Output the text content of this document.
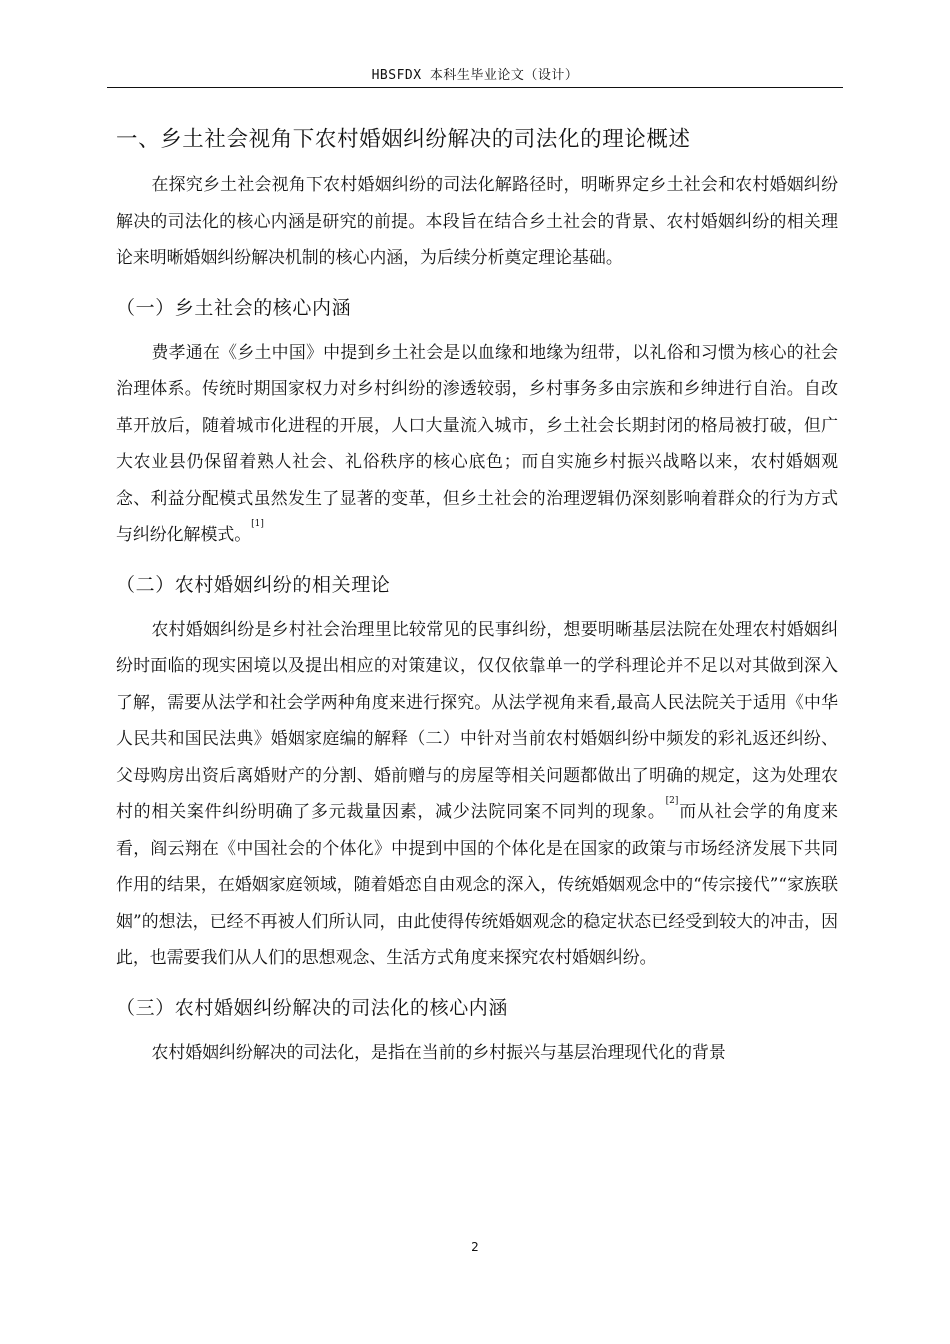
HBSFDX 本科生毕业论文（设计）
一、乡土社会视角下农村婚姻纠纷解决的司法化的理论概述

在探究乡土社会视角下农村婚姻纠纷的司法化解路径时，明晰界定乡土社会和农村婚姻纠纷解决的司法化的核心内涵是研究的前提。本段旨在结合乡土社会的背景、农村婚姻纠纷的相关理论来明晰婚姻纠纷解决机制的核心内涵，为后续分析奠定理论基础。

（一）乡土社会的核心内涵

费孝通在《乡土中国》中提到乡土社会是以血缘和地缘为纽带，以礼俗和习惯为核心的社会治理体系。传统时期国家权力对乡村纠纷的渗透较弱，乡村事务多由宗族和乡绅进行自治。自改革开放后，随着城市化进程的开展，人口大量流入城市，乡土社会长期封闭的格局被打破，但广大农业县仍保留着熟人社会、礼俗秩序的核心底色；而自实施乡村振兴战略以来，农村婚姻观念、利益分配模式虽然发生了显著的变革，但乡土社会的治理逻辑仍深刻影响着群众的行为方式与纠纷化解模式。[1]

（二）农村婚姻纠纷的相关理论

农村婚姻纠纷是乡村社会治理里比较常见的民事纠纷，想要明晰基层法院在处理农村婚姻纠纷时面临的现实困境以及提出相应的对策建议，仅仅依靠单一的学科理论并不足以对其做到深入了解，需要从法学和社会学两种角度来进行探究。从法学视角来看,最高人民法院关于适用《中华人民共和国民法典》婚姻家庭编的解释（二）中针对当前农村婚姻纠纷中频发的彩礼返还纠纷、父母购房出资后离婚财产的分割、婚前赠与的房屋等相关问题都做出了明确的规定，这为处理农村的相关案件纠纷明确了多元裁量因素，减少法院同案不同判的现象。[2]而从社会学的角度来看，阎云翔在《中国社会的个体化》中提到中国的个体化是在国家的政策与市场经济发展下共同作用的结果，在婚姻家庭领域，随着婚恋自由观念的深入，传统婚姻观念中的“传宗接代”“家族联姻”的想法，已经不再被人们所认同，由此使得传统婚姻观念的稳定状态已经受到较大的冲击，因此，也需要我们从人们的思想观念、生活方式角度来探究农村婚姻纠纷。

（三）农村婚姻纠纷解决的司法化的核心内涵

农村婚姻纠纷解决的司法化，是指在当前的乡村振兴与基层治理现代化的背景

2
